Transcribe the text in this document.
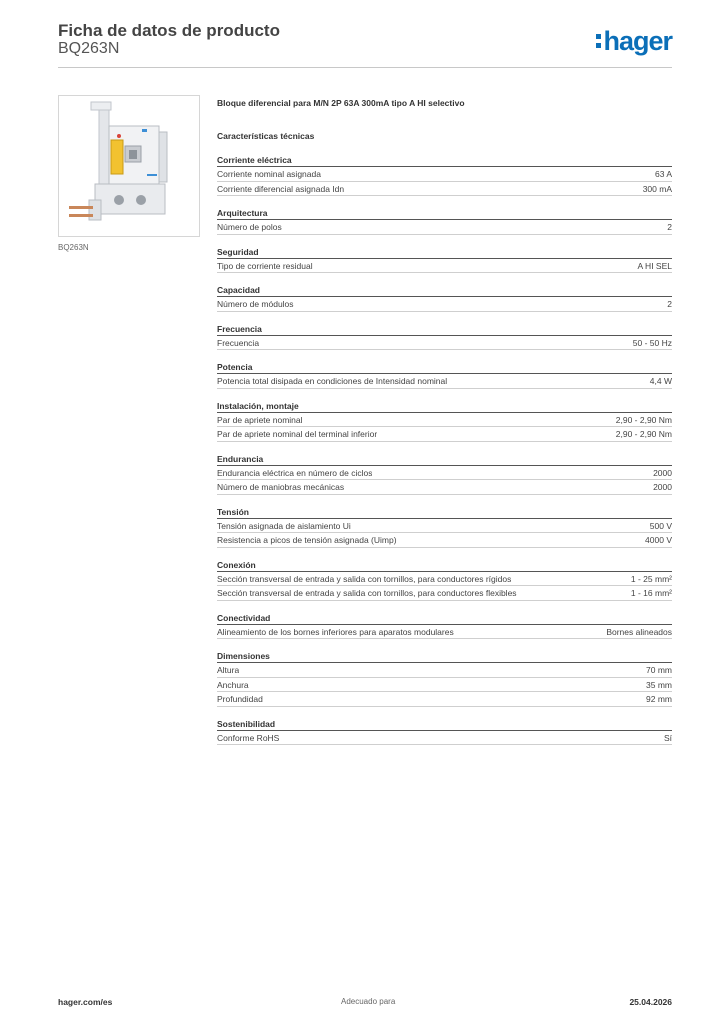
Ficha de datos de producto
BQ263N	hager
BQ263N
Bloque diferencial para M/N 2P 63A 300mA tipo A HI selectivo
Características técnicas
Corriente eléctrica
Corriente nominal asignada	63 A
Corriente diferencial asignada Idn	300 mA
Arquitectura
Número de polos	2
Seguridad
Tipo de corriente residual	A HI SEL
Capacidad
Número de módulos	2
Frecuencia
Frecuencia	50 - 50 Hz
Potencia
Potencia total disipada en condiciones de Intensidad nominal	4,4 W
Instalación, montaje
Par de apriete nominal	2,90 - 2,90 Nm
Par de apriete nominal del terminal inferior	2,90 - 2,90 Nm
Endurancia
Endurancia eléctrica en número de ciclos	2000
Número de maniobras mecánicas	2000
Tensión
Tensión asignada de aislamiento Ui	500 V
Resistencia a picos de tensión asignada (Uimp)	4000 V
Conexión
Sección transversal de entrada y salida con tornillos, para conductores rígidos	1 - 25 mm²
Sección transversal de entrada y salida con tornillos, para conductores flexibles	1 - 16 mm²
Conectividad
Alineamiento de los bornes inferiores para aparatos modulares	Bornes alineados
Dimensiones
Altura	70 mm
Anchura	35 mm
Profundidad	92 mm
Sostenibilidad
Conforme RoHS	Sí
hager.com/es	Adecuado para	25.04.2026
